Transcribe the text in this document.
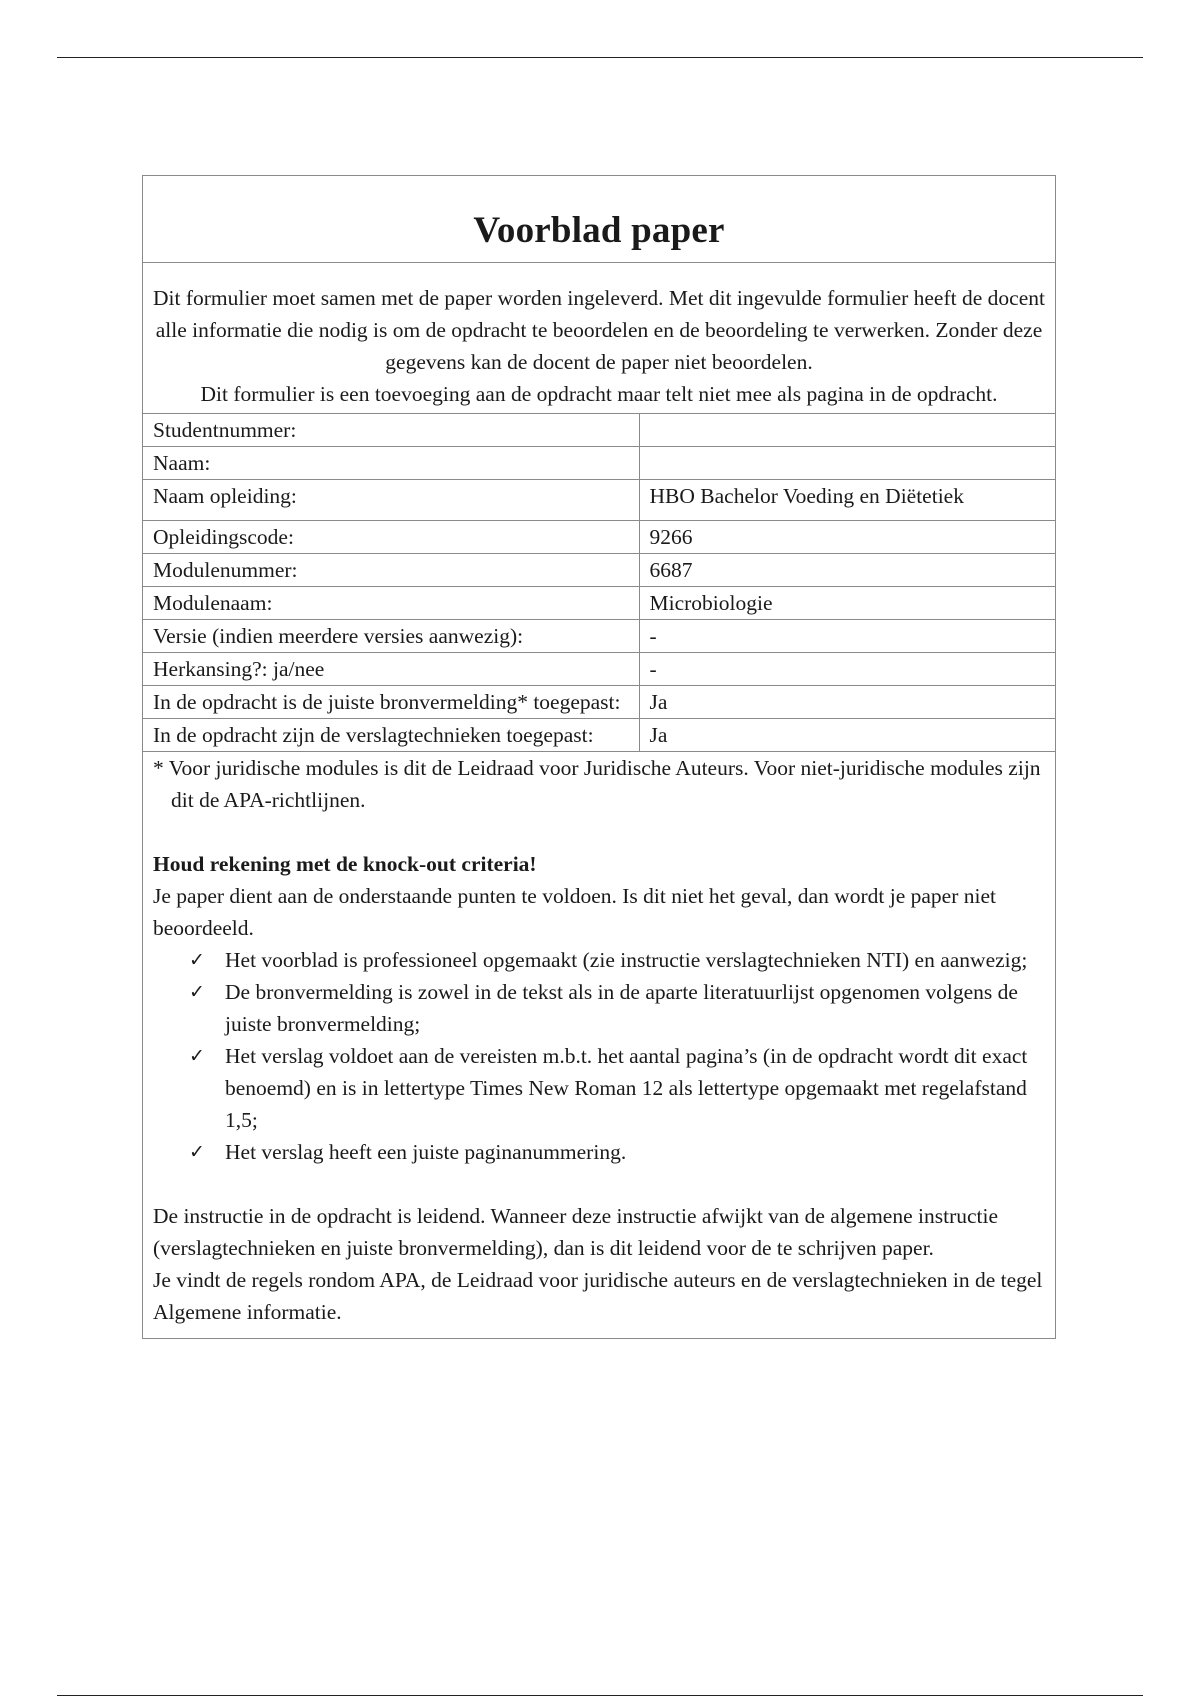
Voorblad paper

Dit formulier moet samen met de paper worden ingeleverd. Met dit ingevulde formulier heeft de docent alle informatie die nodig is om de opdracht te beoordelen en de beoordeling te verwerken. Zonder deze gegevens kan de docent de paper niet beoordelen.

Dit formulier is een toevoeging aan de opdracht maar telt niet mee als pagina in de opdracht.

Studentnummer:	
Naam:	
Naam opleiding:	HBO Bachelor Voeding en Diëtetiek
Opleidingscode:	9266
Modulenummer:	6687
Modulenaam:	Microbiologie
Versie (indien meerdere versies aanwezig):	-
Herkansing?: ja/nee	-
In de opdracht is de juiste bronvermelding* toegepast:	Ja
In de opdracht zijn de verslagtechnieken toegepast:	Ja

* Voor juridische modules is dit de Leidraad voor Juridische Auteurs. Voor niet-juridische modules zijn dit de APA-richtlijnen.

Houd rekening met de knock-out criteria!

Je paper dient aan de onderstaande punten te voldoen. Is dit niet het geval, dan wordt je paper niet beoordeeld.

✓ Het voorblad is professioneel opgemaakt (zie instructie verslagtechnieken NTI) en aanwezig;
✓ De bronvermelding is zowel in de tekst als in de aparte literatuurlijst opgenomen volgens de juiste bronvermelding;
✓ Het verslag voldoet aan de vereisten m.b.t. het aantal pagina’s (in de opdracht wordt dit exact benoemd) en is in lettertype Times New Roman 12 als lettertype opgemaakt met regelafstand 1,5;
✓ Het verslag heeft een juiste paginanummering.

De instructie in de opdracht is leidend. Wanneer deze instructie afwijkt van de algemene instructie (verslagtechnieken en juiste bronvermelding), dan is dit leidend voor de te schrijven paper.

Je vindt de regels rondom APA, de Leidraad voor juridische auteurs en de verslagtechnieken in de tegel Algemene informatie.
